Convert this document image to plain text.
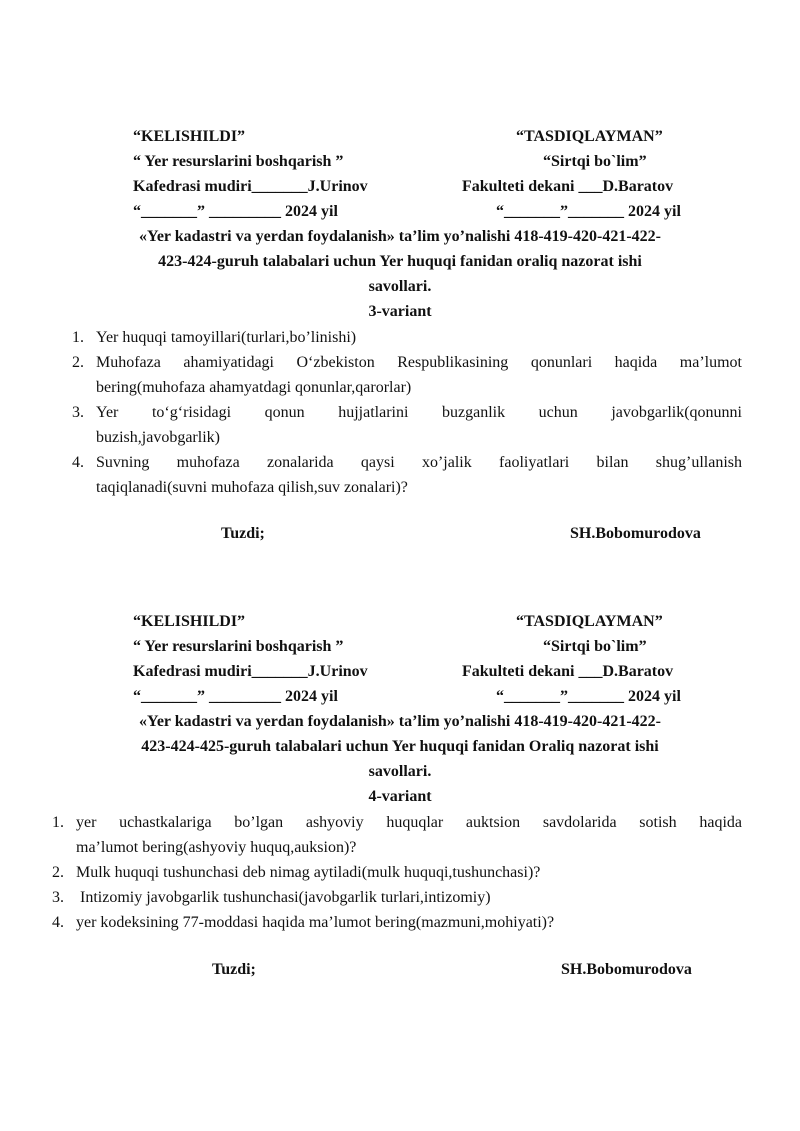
“KELISHILDI”
“ Yer resurslarini boshqarish ”
Kafedrasi mudiri_______J.Urinov
“_______” _________ 2024 yil
“TASDIQLAYMAN”
“Sirtqi bo`lim”
Fakulteti dekani ___D.Baratov
“_______”_______ 2024 yil
«Yer kadastri va yerdan foydalanish» ta’lim yo’nalishi 418-419-420-421-422-
423-424-guruh talabalari uchun Yer huquqi fanidan oraliq nazorat ishi
savollari.
3-variant
1. Yer huquqi tamoyillari(turlari,bo’linishi)
2. Muhofaza ahamiyatidagi O‘zbekiston Respublikasining qonunlari haqida ma’lumot
bering(muhofaza ahamyatdagi qonunlar,qarorlar)
3. Yer to‘g‘risidagi qonun hujjatlarini buzganlik uchun javobgarlik(qonunni
buzish,javobgarlik)
4. Suvning muhofaza zonalarida qaysi xo’jalik faoliyatlari bilan shug’ullanish
taqiqlanadi(suvni muhofaza qilish,suv zonalari)?
Tuzdi;	SH.Bobomurodova
“KELISHILDI”
“ Yer resurslarini boshqarish ”
Kafedrasi mudiri_______J.Urinov
“_______” _________ 2024 yil
“TASDIQLAYMAN”
“Sirtqi bo`lim”
Fakulteti dekani ___D.Baratov
“_______”_______ 2024 yil
«Yer kadastri va yerdan foydalanish» ta’lim yo’nalishi 418-419-420-421-422-
423-424-425-guruh talabalari uchun Yer huquqi fanidan Oraliq nazorat ishi
savollari.
4-variant
1. yer uchastkalariga bo’lgan ashyoviy huquqlar auktsion savdolarida sotish haqida
ma’lumot bering(ashyoviy huquq,auksion)?
2. Mulk huquqi tushunchasi deb nimag aytiladi(mulk huquqi,tushunchasi)?
3. Intizomiy javobgarlik tushunchasi(javobgarlik turlari,intizomiy)
4. yer kodeksining 77-moddasi haqida ma’lumot bering(mazmuni,mohiyati)?
Tuzdi;	SH.Bobomurodova
